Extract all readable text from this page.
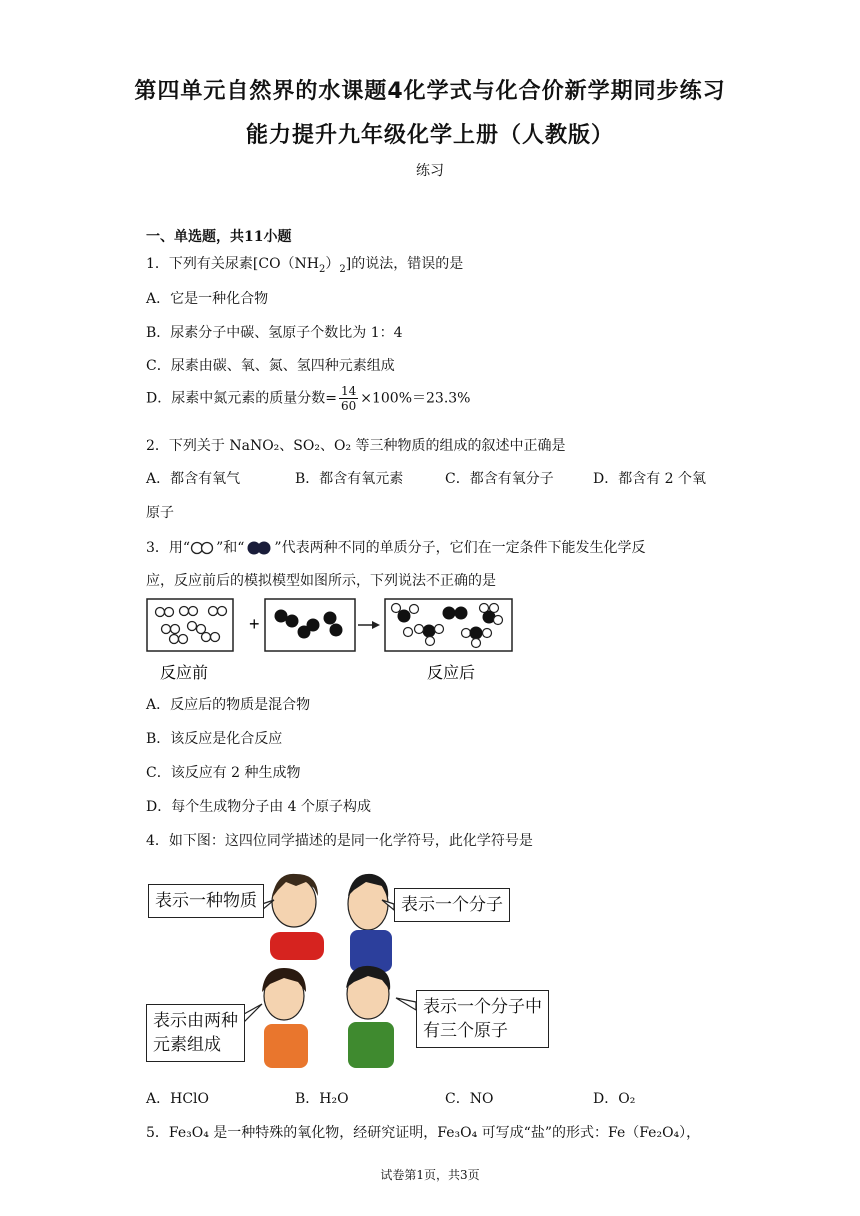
第四单元自然界的水课题4化学式与化合价新学期同步练习
能力提升九年级化学上册（人教版）
练习
一、单选题，共11小题
1．下列有关尿素$[CO(NH_2)_2]$的说法，错误的是
A．它是一种化合物
B．尿素分子中碳、氢原子个数比为 1：4
C．尿素由碳、氧、氮、氢四种元素组成
D．尿素中氮元素的质量分数= $\frac{14}{60} \times 100\%=23.3\%$
2．下列关于 NaNO₂、SO₂、O₂ 等三种物质的组成的叙述中正确是
A．都含有氧气	B．都含有氧元素	C．都含有氧分子	D．都含有 2 个氧
原子
3．用“ ”和“ ”代表两种不同的单质分子，它们在一定条件下能发生化学反
应，反应前后的模拟模型如图所示，下列说法不正确的是
+
反应前	反应后
A．反应后的物质是混合物
B．该反应是化合反应
C．该反应有 2 种生成物
D．每个生成物分子由 4 个原子构成
4．如下图：这四位同学描述的是同一化学符号，此化学符号是
表示一种物质	表示一个分子
表示由两种
元素组成
表示一个分子中
有三个原子
A．HClO	B．H₂O	C．NO	D．O₂
5．Fe₃O₄ 是一种特殊的氧化物，经研究证明，Fe₃O₄ 可写成“盐”的形式：Fe（Fe₂O₄），
试卷第1页，共3页
